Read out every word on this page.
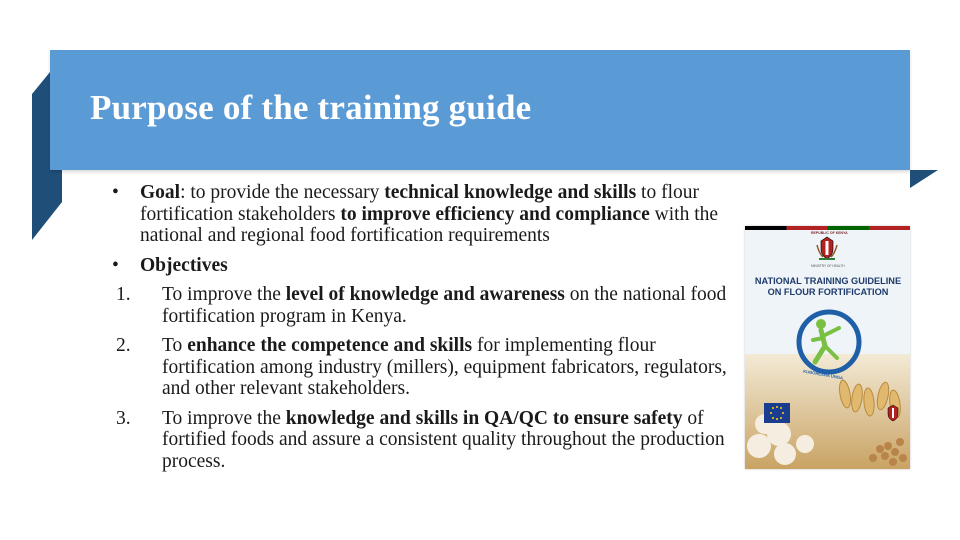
Purpose of the training guide
•	Goal: to provide the necessary technical knowledge and skills to flour fortification stakeholders to improve efficiency and compliance with the national and regional food fortification requirements
•	Objectives
1.	To improve the level of knowledge and awareness on the national food fortification program in Kenya.
2.	To enhance the competence and skills for implementing flour fortification among industry (millers), equipment fabricators, regulators, and other relevant stakeholders.
3.	To improve the knowledge and skills in QA/QC to ensure safety of fortified foods and assure a consistent quality throughout the production process.
REPUBLIC OF KENYA
MINISTRY OF HEALTH
NATIONAL TRAINING GUIDELINE ON FLOUR FORTIFICATION
KUBORESHA UNGA
